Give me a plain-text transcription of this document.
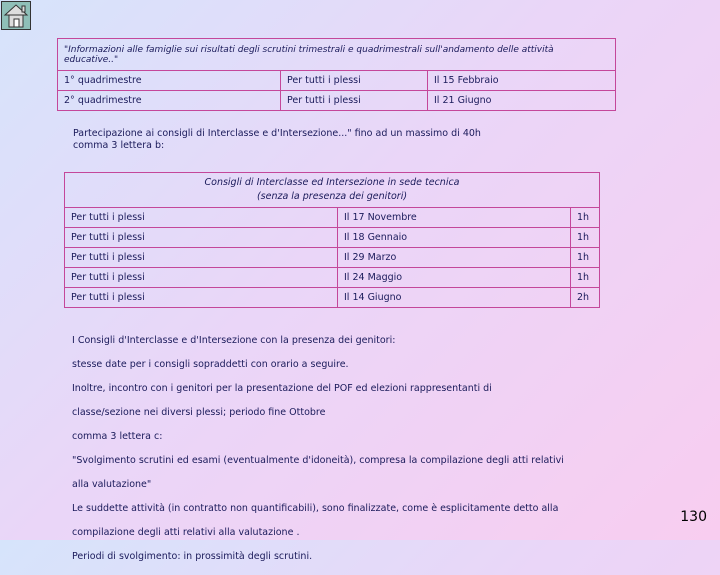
"Informazioni alle famiglie sui risultati degli scrutini trimestrali e quadrimestrali sull'andamento delle attività educative.."		
1° quadrimestre	Per tutti i plessi	Il 15 Febbraio
2° quadrimestre	Per tutti i plessi	Il 21 Giugno
Partecipazione ai consigli di Interclasse e d'Intersezione..." fino ad un massimo di 40h
comma 3 lettera b:
Consigli di Interclasse ed Intersezione in sede tecnica
(senza la presenza dei genitori)		

Per tutti i plessi	Il 17 Novembre	1h
Per tutti i plessi	Il 18 Gennaio	1h
Per tutti i plessi	Il 29 Marzo	1h
Per tutti i plessi	Il 24 Maggio	1h
Per tutti i plessi	Il 14 Giugno	2h

I Consigli d'Interclasse e d'Intersezione con la presenza dei genitori:

stesse date per i consigli sopraddetti con orario a seguire.

Inoltre, incontro con i genitori per la presentazione del POF ed elezioni rappresentanti di

classe/sezione nei diversi plessi; periodo fine Ottobre

comma 3 lettera c:

"Svolgimento scrutini ed esami (eventualmente d'idoneità), compresa la compilazione degli atti relativi

alla valutazione"

Le suddette attività (in contratto non quantificabili), sono finalizzate, come è esplicitamente detto alla

compilazione degli atti relativi alla valutazione .

Periodi di svolgimento: in prossimità degli scrutini.

130
